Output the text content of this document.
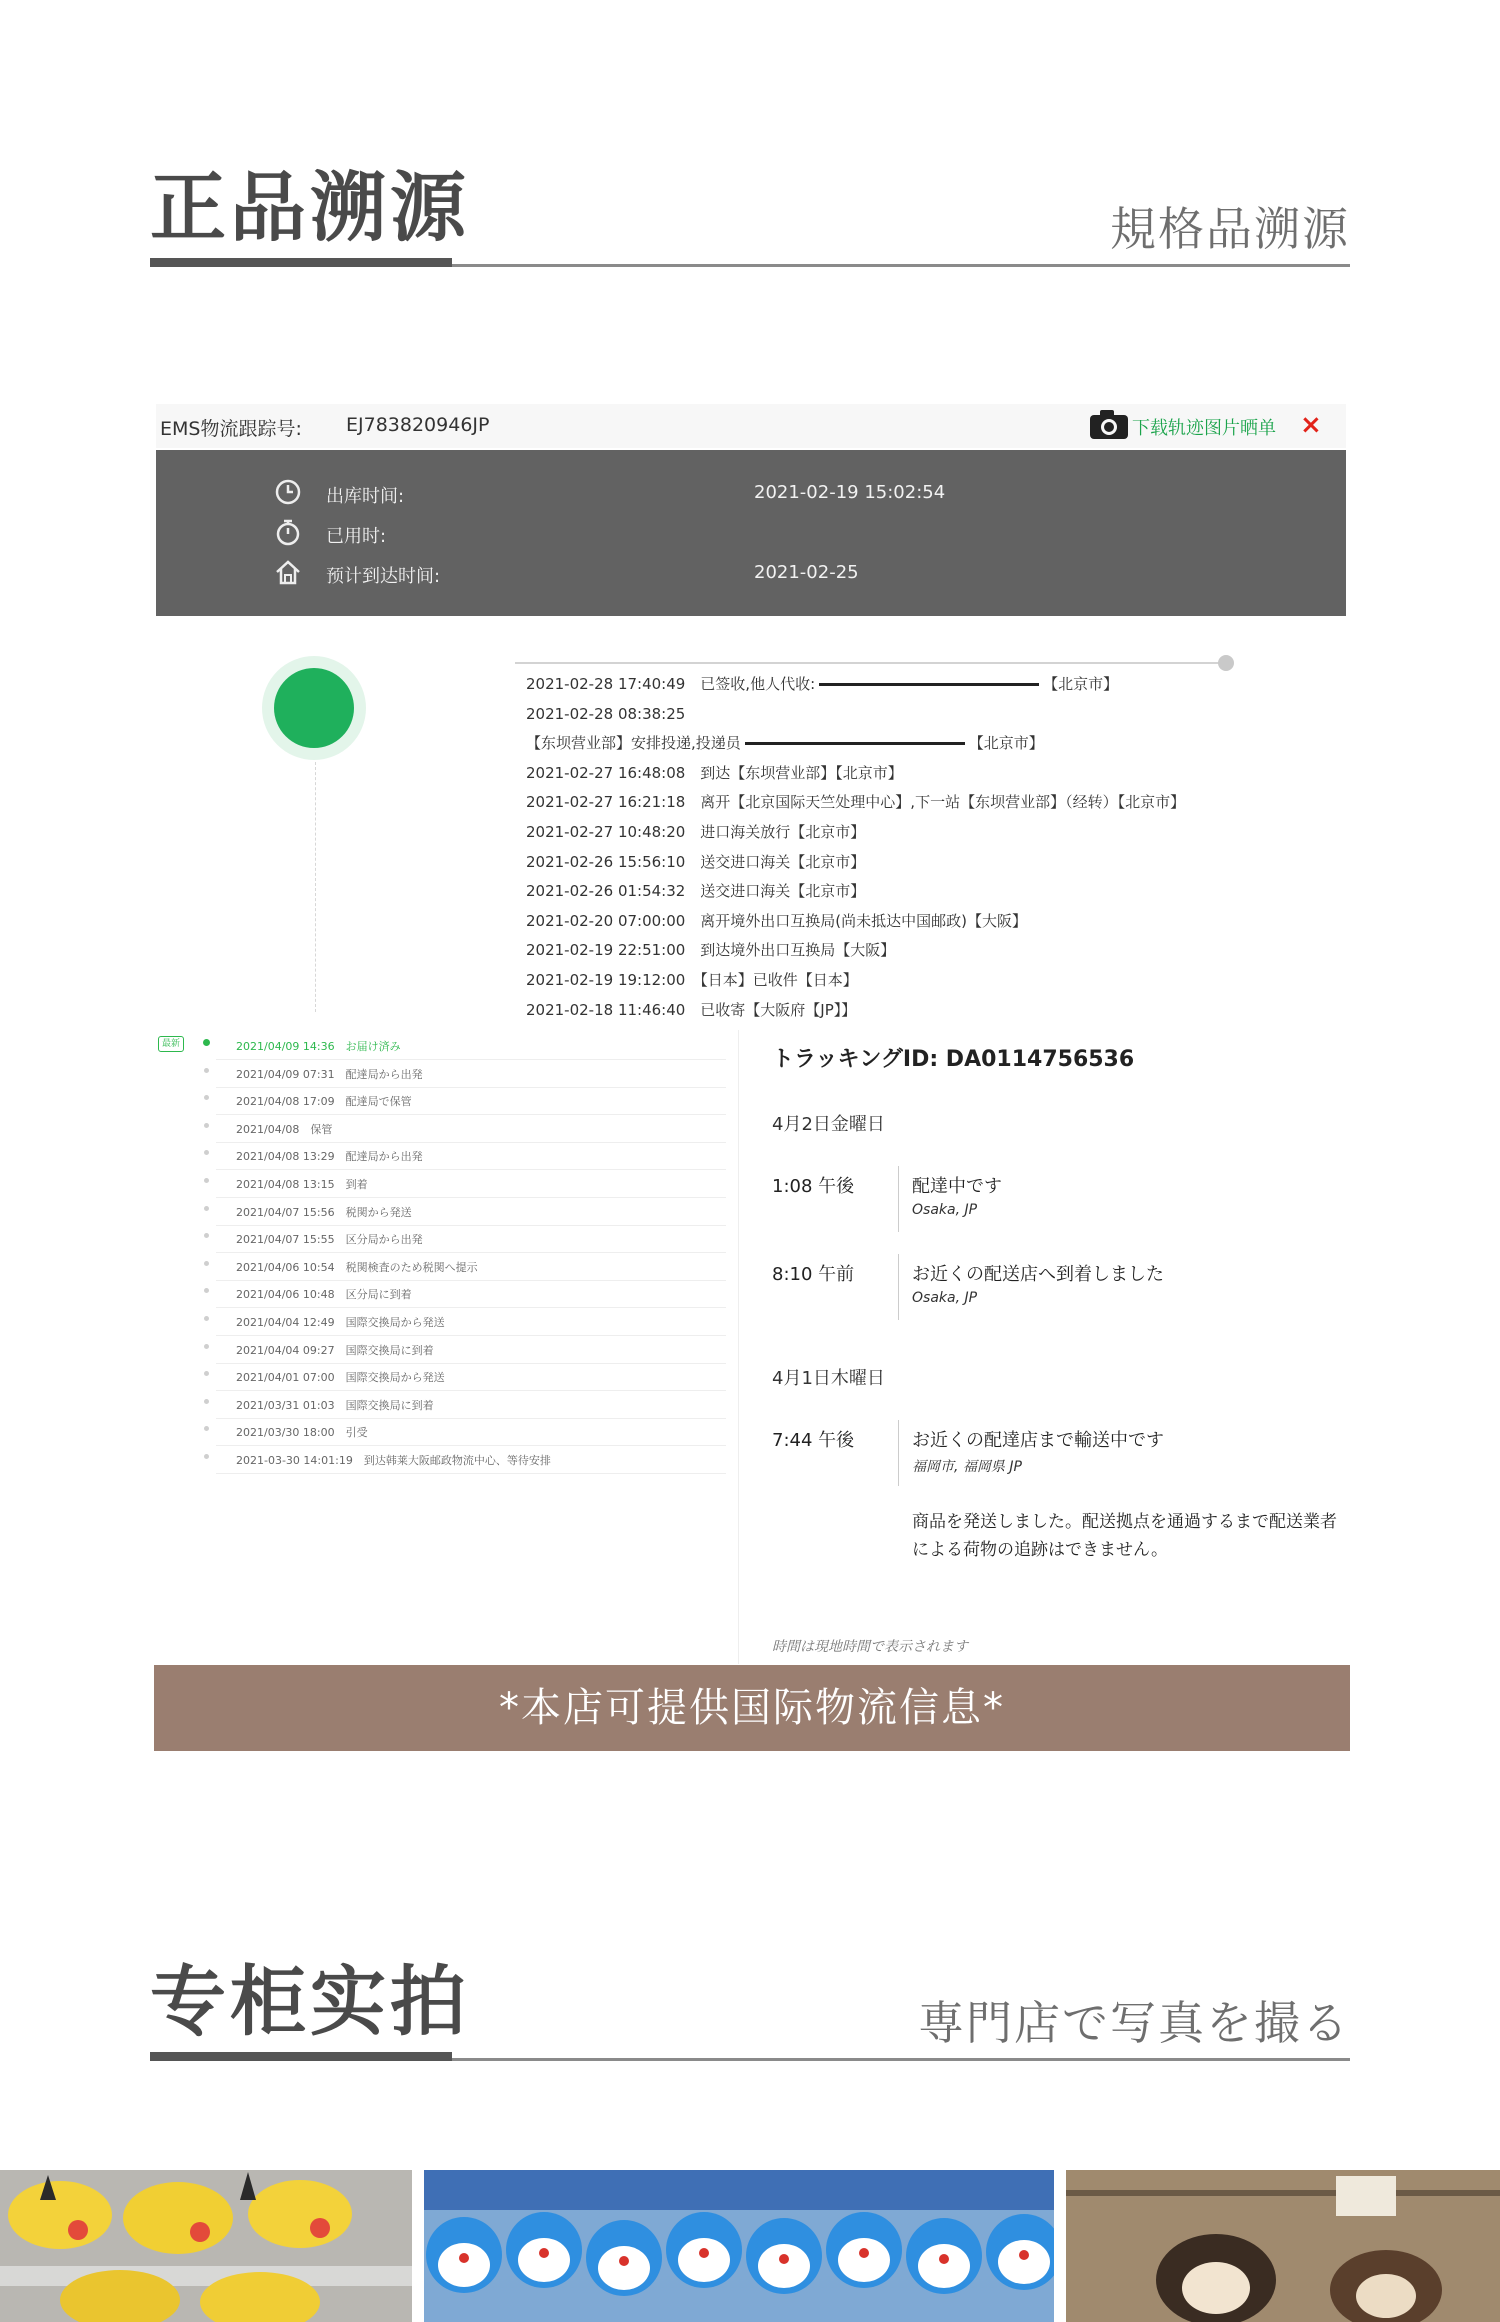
正品溯源	規格品溯源
EMS物流跟踪号: EJ783820946JP	下载轨迹图片晒单 ×
出库时间:	2021-02-19 15:02:54
已用时:
预计到达时间:	2021-02-25
2021-02-28 17:40:49　已签收,他人代收:	【北京市】
2021-02-28 08:38:25
【东坝营业部】安排投递,投递员	【北京市】
2021-02-27 16:48:08　到达【东坝营业部】【北京市】
2021-02-27 16:21:18　离开【北京国际天竺处理中心】,下一站【东坝营业部】（经转）【北京市】
2021-02-27 10:48:20　进口海关放行【北京市】
2021-02-26 15:56:10　送交进口海关【北京市】
2021-02-26 01:54:32　送交进口海关【北京市】
2021-02-20 07:00:00　离开境外出口互换局(尚未抵达中国邮政)【大阪】
2021-02-19 22:51:00　到达境外出口互换局【大阪】
2021-02-19 19:12:00　【日本】已收件【日本】
2021-02-18 11:46:40　已收寄【大阪府【JP】】
最新	2021/04/09 14:36　お届け済み
2021/04/09 07:31　配達局から出発
2021/04/08 17:09　配達局で保管
2021/04/08　保管
2021/04/08 13:29　配達局から出発
2021/04/08 13:15　到着
2021/04/07 15:56　税関から発送
2021/04/07 15:55　区分局から出発
2021/04/06 10:54　税関検査のため税関へ提示
2021/04/06 10:48　区分局に到着
2021/04/04 12:49　国際交換局から発送
2021/04/04 09:27　国際交換局に到着
2021/04/01 07:00　国際交換局から発送
2021/03/31 01:03　国際交換局に到着
2021/03/30 18:00　引受
2021-03-30 14:01:19　到达韩莱大阪邮政物流中心、等待安排
トラッキングID: DA0114756536
4月2日金曜日
1:08 午後	配達中です
Osaka, JP
8:10 午前	お近くの配送店へ到着しました
Osaka, JP
4月1日木曜日
7:44 午後	お近くの配達店まで輸送中です
福岡市, 福岡県 JP
商品を発送しました。配送拠点を通過するまで配送業者による荷物の追跡はできません。
時間は現地時間で表示されます
*本店可提供国际物流信息*
专柜实拍	専門店で写真を撮る
